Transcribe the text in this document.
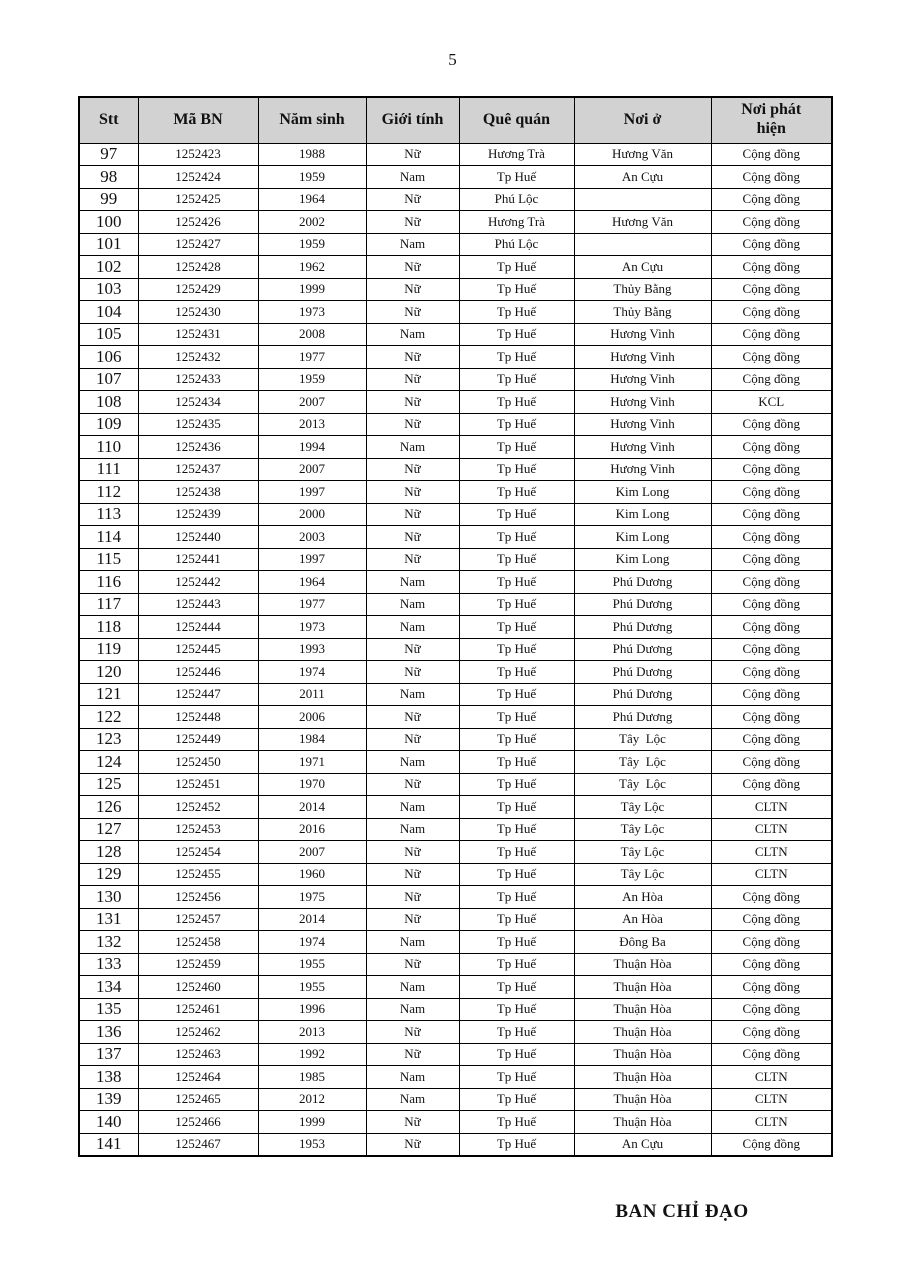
5
Stt	Mã BN	Năm sinh	Giới tính	Quê quán	Nơi ở	Nơi phát hiện

97	1252423	1988	Nữ	Hương Trà	Hương Văn	Cộng đồng
98	1252424	1959	Nam	Tp Huế	An Cựu	Cộng đồng
99	1252425	1964	Nữ	Phú Lộc		Cộng đồng
100	1252426	2002	Nữ	Hương Trà	Hương Văn	Cộng đồng
101	1252427	1959	Nam	Phú Lộc		Cộng đồng
102	1252428	1962	Nữ	Tp Huế	An Cựu	Cộng đồng
103	1252429	1999	Nữ	Tp Huế	Thủy Bằng	Cộng đồng
104	1252430	1973	Nữ	Tp Huế	Thủy Bằng	Cộng đồng
105	1252431	2008	Nam	Tp Huế	Hương Vinh	Cộng đồng
106	1252432	1977	Nữ	Tp Huế	Hương Vinh	Cộng đồng
107	1252433	1959	Nữ	Tp Huế	Hương Vinh	Cộng đồng
108	1252434	2007	Nữ	Tp Huế	Hương Vinh	KCL
109	1252435	2013	Nữ	Tp Huế	Hương Vinh	Cộng đồng
110	1252436	1994	Nam	Tp Huế	Hương Vinh	Cộng đồng
111	1252437	2007	Nữ	Tp Huế	Hương Vinh	Cộng đồng
112	1252438	1997	Nữ	Tp Huế	Kim Long	Cộng đồng
113	1252439	2000	Nữ	Tp Huế	Kim Long	Cộng đồng
114	1252440	2003	Nữ	Tp Huế	Kim Long	Cộng đồng
115	1252441	1997	Nữ	Tp Huế	Kim Long	Cộng đồng
116	1252442	1964	Nam	Tp Huế	Phú Dương	Cộng đồng
117	1252443	1977	Nam	Tp Huế	Phú Dương	Cộng đồng
118	1252444	1973	Nam	Tp Huế	Phú Dương	Cộng đồng
119	1252445	1993	Nữ	Tp Huế	Phú Dương	Cộng đồng
120	1252446	1974	Nữ	Tp Huế	Phú Dương	Cộng đồng
121	1252447	2011	Nam	Tp Huế	Phú Dương	Cộng đồng
122	1252448	2006	Nữ	Tp Huế	Phú Dương	Cộng đồng
123	1252449	1984	Nữ	Tp Huế	Tây  Lộc	Cộng đồng
124	1252450	1971	Nam	Tp Huế	Tây  Lộc	Cộng đồng
125	1252451	1970	Nữ	Tp Huế	Tây  Lộc	Cộng đồng
126	1252452	2014	Nam	Tp Huế	Tây Lộc	CLTN
127	1252453	2016	Nam	Tp Huế	Tây Lộc	CLTN
128	1252454	2007	Nữ	Tp Huế	Tây Lộc	CLTN
129	1252455	1960	Nữ	Tp Huế	Tây Lộc	CLTN
130	1252456	1975	Nữ	Tp Huế	An Hòa	Cộng đồng
131	1252457	2014	Nữ	Tp Huế	An Hòa	Cộng đồng
132	1252458	1974	Nam	Tp Huế	Đông Ba	Cộng đồng
133	1252459	1955	Nữ	Tp Huế	Thuận Hòa	Cộng đồng
134	1252460	1955	Nam	Tp Huế	Thuận Hòa	Cộng đồng
135	1252461	1996	Nam	Tp Huế	Thuận Hòa	Cộng đồng
136	1252462	2013	Nữ	Tp Huế	Thuận Hòa	Cộng đồng
137	1252463	1992	Nữ	Tp Huế	Thuận Hòa	Cộng đồng
138	1252464	1985	Nam	Tp Huế	Thuận Hòa	CLTN
139	1252465	2012	Nam	Tp Huế	Thuận Hòa	CLTN
140	1252466	1999	Nữ	Tp Huế	Thuận Hòa	CLTN
141	1252467	1953	Nữ	Tp Huế	An Cựu	Cộng đồng
BAN CHỈ ĐẠO
